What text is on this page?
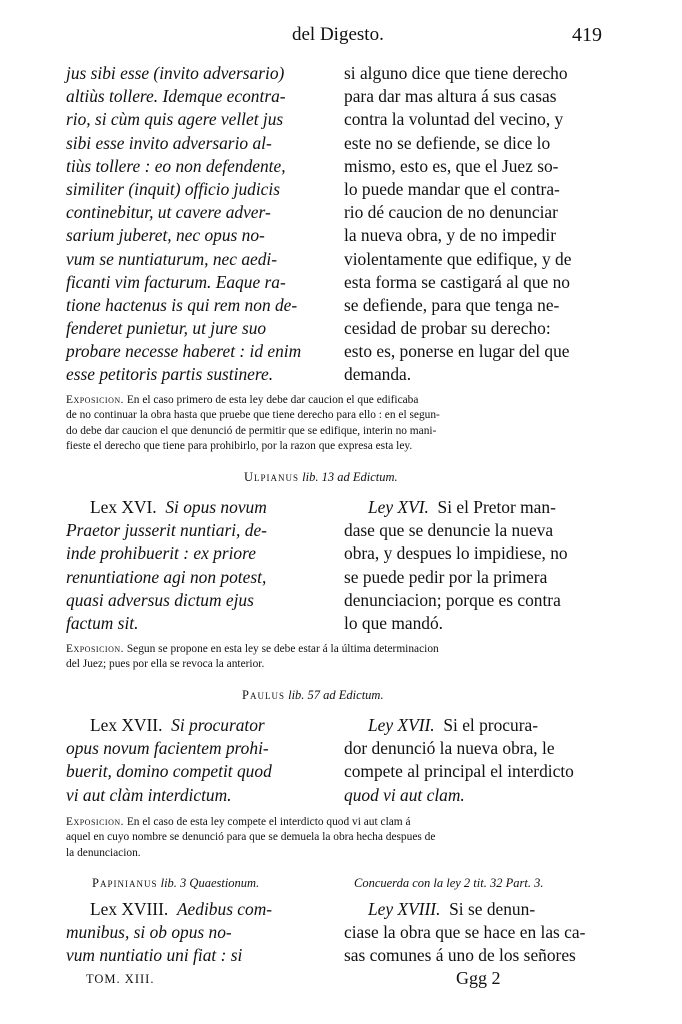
del Digesto.	419
jus sibi esse (invito adversario)
altiùs tollere. Idemque econtra-
rio, si cùm quis agere vellet jus
sibi esse invito adversario al-
tiùs tollere : eo non defendente,
similiter (inquit) officio judicis
continebitur, ut cavere adver-
sarium juberet, nec opus no-
vum se nuntiaturum, nec aedi-
ficanti vim facturum. Eaque ra-
tione hactenus is qui rem non de-
fenderet punietur, ut jure suo
probare necesse haberet : id enim
esse petitoris partis sustinere.
si alguno dice que tiene derecho
para dar mas altura á sus casas
contra la voluntad del vecino, y
este no se defiende, se dice lo
mismo, esto es, que el Juez so-
lo puede mandar que el contra-
rio dé caucion de no denunciar
la nueva obra, y de no impedir
violentamente que edifique, y de
esta forma se castigará al que no
se defiende, para que tenga ne-
cesidad de probar su derecho:
esto es, ponerse en lugar del que
demanda.
Exposicion. En el caso primero de esta ley debe dar caucion el que edificaba
de no continuar la obra hasta que pruebe que tiene derecho para ello : en el segun-
do debe dar caucion el que denunció de permitir que se edifique, interin no mani-
fieste el derecho que tiene para prohibirlo, por la razon que expresa esta ley.
Ulpianus lib. 13 ad Edictum.
Lex XVI. Si opus novum
Praetor jusserit nuntiari, de-
inde prohibuerit : ex priore
renuntiatione agi non potest,
quasi adversus dictum ejus
factum sit.
Ley XVI. Si el Pretor man-
dase que se denuncie la nueva
obra, y despues lo impidiese, no
se puede pedir por la primera
denunciacion; porque es contra
lo que mandó.
Exposicion. Segun se propone en esta ley se debe estar á la última determinacion
del Juez; pues por ella se revoca la anterior.
Paulus lib. 57 ad Edictum.
Lex XVII. Si procurator
opus novum facientem prohi-
buerit, domino competit quod
vi aut clàm interdictum.
Ley XVII. Si el procura-
dor denunció la nueva obra, le
compete al principal el interdicto
quod vi aut clam.
Exposicion. En el caso de esta ley compete el interdicto quod vi aut clam á
aquel en cuyo nombre se denunció para que se demuela la obra hecha despues de
la denunciacion.
Papinianus lib. 3 Quaestionum.	Concuerda con la ley 2 tit. 32 Part. 3.
Lex XVIII. Aedibus com-
munibus, si ob opus no-
vum nuntiatio uni fiat : si
Ley XVIII. Si se denun-
ciase la obra que se hace en las ca-
sas comunes á uno de los señores
TOM. XIII.	Ggg 2
